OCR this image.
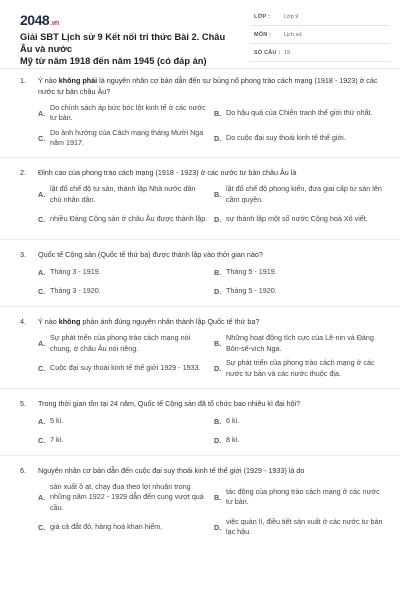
2048.vn
Giải SBT Lịch sử 9 Kết nối tri thức Bài 2. Châu Âu và nước
Mỹ từ năm 1918 đến năm 1945 (có đáp án)
LỚP :	Lớp 9
MÔN : Lịch sử
SỐ CÂU : 19
1. Ý nào không phải là nguyên nhân cơ bản dẫn đến sự bùng nổ phong trào cách mạng (1918 - 1923) ở các nước tư bản châu Âu?
A.
Do chính sách áp bức bóc lột kinh tế ở các nước tư bản.	B. Do hậu quả của Chiến tranh thế giới thứ nhất.
C.
Do ảnh hưởng của Cách mạng tháng Mười Nga năm 1917.	D. Do cuộc đại suy thoái kinh tế thế giới.
2. Đỉnh cao của phong trào cách mạng (1918 - 1923) ở các nước tư bản châu Âu là
A.
lật đổ chế độ tư sản, thành lập Nhà nước dân chủ nhân dân.	B.
lật đổ chế độ phong kiến, đưa giai cấp tư sản lên cầm quyền.
C. nhiều Đảng Cộng sản ở châu Âu được thành lập. D. sự thành lập một số nước Cộng hoà Xô viết.
3. Quốc tế Cộng sản (Quốc tế thứ ba) được thành lập vào thời gian nào?
A. Tháng 3 - 1919.	B. Tháng 5 - 1919.
C. Tháng 3 - 1920.	D. Tháng 5 - 1920.
4. Ý nào không phản ánh đúng nguyên nhân thành lập Quốc tế thứ ba?
A.
Sự phát triển của phong trào cách mạng nói chung, ở châu Âu nói riêng.	B.
Những hoạt động tích cực của Lê-nin và Đảng Bôn-sê-vích Nga.
C. Cuộc đại suy thoái kinh tế thế giới 1929 - 1933. D.
Sự phát triển của phong trào cách mạng ở các nước tư bản và các nước thuộc địa.
5. Trong thời gian tồn tại 24 năm, Quốc tế Cộng sản đã tổ chức bao nhiêu kì đại hội?
A. 5 kì.	B. 6 kì.
C. 7 kì.	D. 8 kì.
6. Nguyên nhân cơ bản dẫn đến cuộc đại suy thoái kinh tế thế giới (1929 - 1933) là do
A.
sản xuất ồ ạt, chạy đua theo lợi nhuận trong những năm 1922 - 1929 dẫn đến cung vượt quá cầu.
B.
tác động của phong trào cách mạng ở các nước tư bản.
C. giá cả đắt đỏ, hàng hoá khan hiếm.	D.
việc quản lí, điều tiết sản xuất ở các nước tư bản lạc hậu.
